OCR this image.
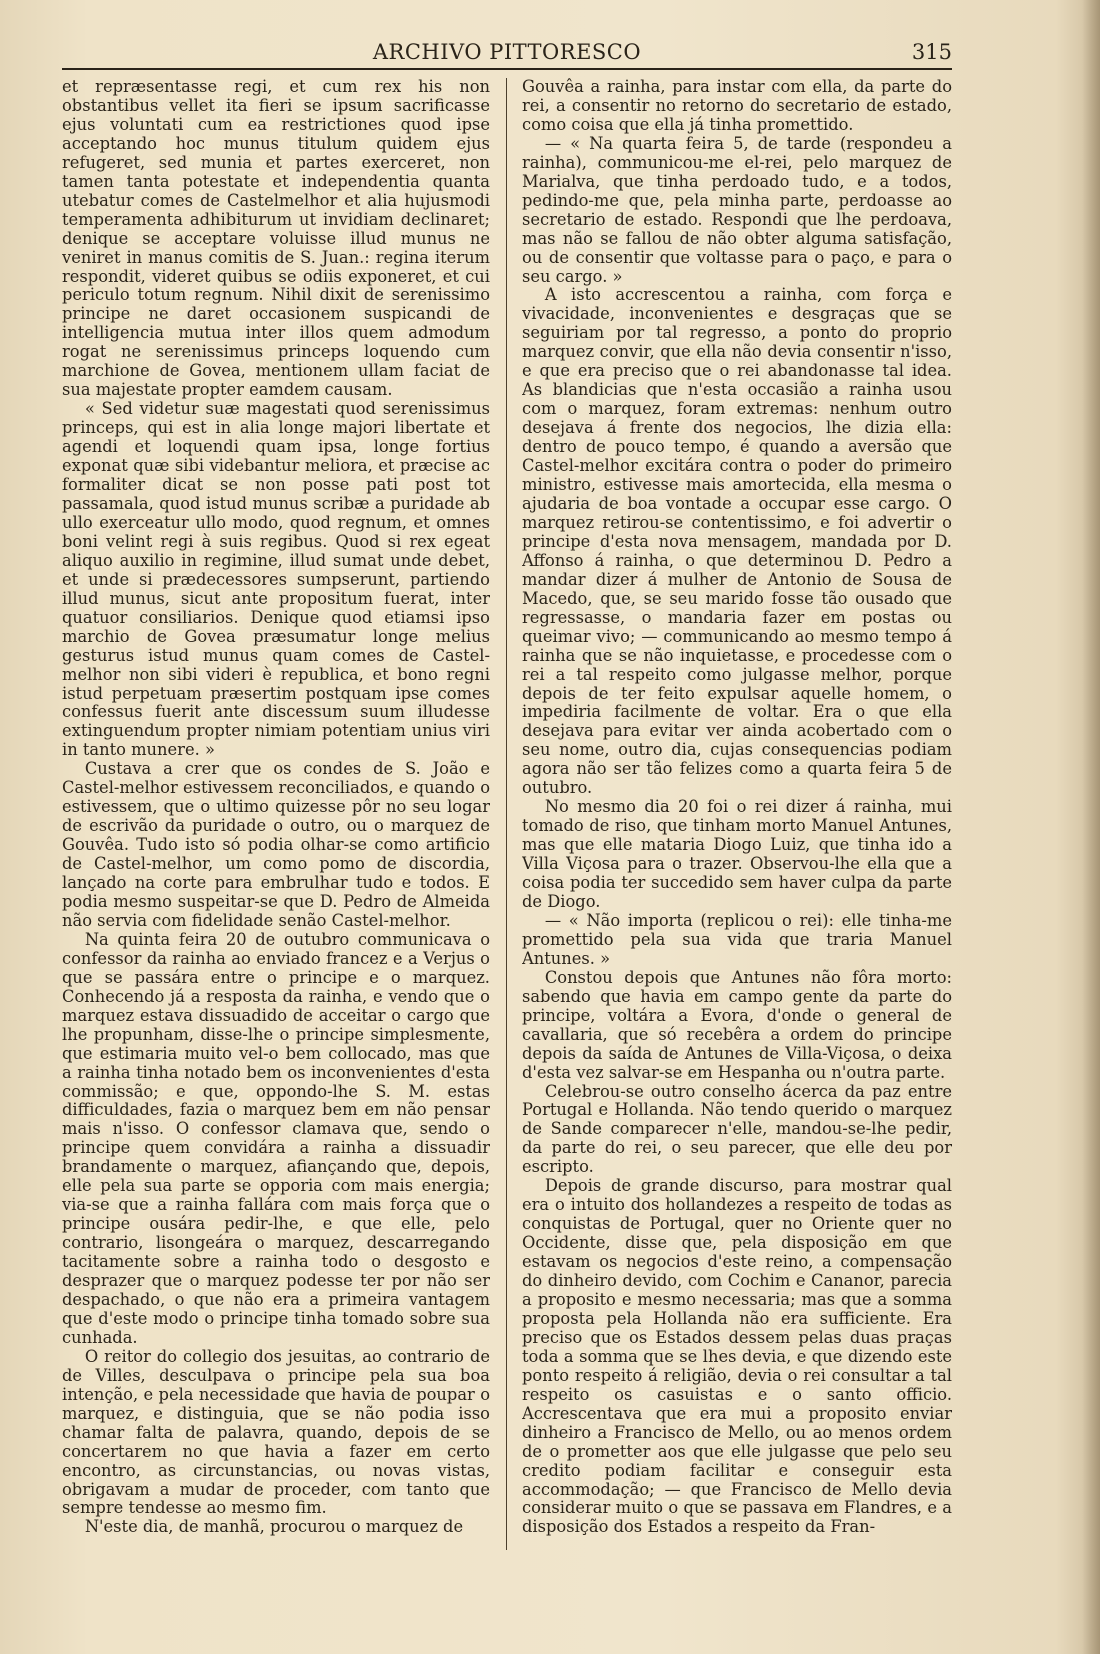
ARCHIVO PITTORESCO	315

et repræsentasse regi, et cum rex his non obstantibus vellet ita fieri se ipsum sacrificasse ejus voluntati cum ea restrictiones quod ipse acceptando hoc munus titulum quidem ejus refugeret, sed munia et partes exerceret, non tamen tanta potestate et independentia quanta utebatur comes de Castelmelhor et alia hujusmodi temperamenta adhibiturum ut invidiam declinaret; denique se acceptare voluisse illud munus ne veniret in manus comitis de S. Juan.: regina iterum respondit, videret quibus se odiis exponeret, et cui periculo totum regnum. Nihil dixit de serenissimo principe ne daret occasionem suspicandi de intelligencia mutua inter illos quem admodum rogat ne serenissimus princeps loquendo cum marchione de Govea, mentionem ullam faciat de sua majestate propter eamdem causam.

« Sed videtur suæ magestati quod serenissimus princeps, qui est in alia longe majori libertate et agendi et loquendi quam ipsa, longe fortius exponat quæ sibi videbantur meliora, et præcise ac formaliter dicat se non posse pati post tot passamala, quod istud munus scribæ a puridade ab ullo exerceatur ullo modo, quod regnum, et omnes boni velint regi à suis regibus. Quod si rex egeat aliquo auxilio in regimine, illud sumat unde debet, et unde si prædecessores sumpserunt, partiendo illud munus, sicut ante propositum fuerat, inter quatuor consiliarios. Denique quod etiamsi ipso marchio de Govea præsumatur longe melius gesturus istud munus quam comes de Castel-melhor non sibi videri è republica, et bono regni istud perpetuam præsertim postquam ipse comes confessus fuerit ante discessum suum illudesse extinguendum propter nimiam potentiam unius viri in tanto munere. »

Custava a crer que os condes de S. João e Castel-melhor estivessem reconciliados, e quando o estivessem, que o ultimo quizesse pôr no seu logar de escrivão da puridade o outro, ou o marquez de Gouvêa. Tudo isto só podia olhar-se como artificio de Castel-melhor, um como pomo de discordia, lançado na corte para embrulhar tudo e todos. E podia mesmo suspeitar-se que D. Pedro de Almeida não servia com fidelidade senão Castel-melhor.

Na quinta feira 20 de outubro communicava o confessor da rainha ao enviado francez e a Verjus o que se passára entre o principe e o marquez. Conhecendo já a resposta da rainha, e vendo que o marquez estava dissuadido de acceitar o cargo que lhe propunham, disse-lhe o principe simplesmente, que estimaria muito vel-o bem collocado, mas que a rainha tinha notado bem os inconvenientes d'esta commissão; e que, oppondo-lhe S. M. estas difficuldades, fazia o marquez bem em não pensar mais n'isso. O confessor clamava que, sendo o principe quem convidára a rainha a dissuadir brandamente o marquez, afiançando que, depois, elle pela sua parte se opporia com mais energia; via-se que a rainha fallára com mais força que o principe ousára pedir-lhe, e que elle, pelo contrario, lisongeára o marquez, descarregando tacitamente sobre a rainha todo o desgosto e desprazer que o marquez podesse ter por não ser despachado, o que não era a primeira vantagem que d'este modo o principe tinha tomado sobre sua cunhada.

O reitor do collegio dos jesuitas, ao contrario de de Villes, desculpava o principe pela sua boa intenção, e pela necessidade que havia de poupar o marquez, e distinguia, que se não podia isso chamar falta de palavra, quando, depois de se concertarem no que havia a fazer em certo encontro, as circunstancias, ou novas vistas, obrigavam a mudar de proceder, com tanto que sempre tendesse ao mesmo fim.

N'este dia, de manhã, procurou o marquez de

Gouvêa a rainha, para instar com ella, da parte do rei, a consentir no retorno do secretario de estado, como coisa que ella já tinha promettido.

— « Na quarta feira 5, de tarde (respondeu a rainha), communicou-me el-rei, pelo marquez de Marialva, que tinha perdoado tudo, e a todos, pedindo-me que, pela minha parte, perdoasse ao secretario de estado. Respondi que lhe perdoava, mas não se fallou de não obter alguma satisfação, ou de consentir que voltasse para o paço, e para o seu cargo. »

A isto accrescentou a rainha, com força e vivacidade, inconvenientes e desgraças que se seguiriam por tal regresso, a ponto do proprio marquez convir, que ella não devia consentir n'isso, e que era preciso que o rei abandonasse tal idea. As blandicias que n'esta occasião a rainha usou com o marquez, foram extremas: nenhum outro desejava á frente dos negocios, lhe dizia ella: dentro de pouco tempo, é quando a aversão que Castel-melhor excitára contra o poder do primeiro ministro, estivesse mais amortecida, ella mesma o ajudaria de boa vontade a occupar esse cargo. O marquez retirou-se contentissimo, e foi advertir o principe d'esta nova mensagem, mandada por D. Affonso á rainha, o que determinou D. Pedro a mandar dizer á mulher de Antonio de Sousa de Macedo, que, se seu marido fosse tão ousado que regressasse, o mandaria fazer em postas ou queimar vivo; — communicando ao mesmo tempo á rainha que se não inquietasse, e procedesse com o rei a tal respeito como julgasse melhor, porque depois de ter feito expulsar aquelle homem, o impediria facilmente de voltar. Era o que ella desejava para evitar ver ainda acobertado com o seu nome, outro dia, cujas consequencias podiam agora não ser tão felizes como a quarta feira 5 de outubro.

No mesmo dia 20 foi o rei dizer á rainha, mui tomado de riso, que tinham morto Manuel Antunes, mas que elle mataria Diogo Luiz, que tinha ido a Villa Viçosa para o trazer. Observou-lhe ella que a coisa podia ter succedido sem haver culpa da parte de Diogo.

— « Não importa (replicou o rei): elle tinha-me promettido pela sua vida que traria Manuel Antunes. »

Constou depois que Antunes não fôra morto: sabendo que havia em campo gente da parte do principe, voltára a Evora, d'onde o general de cavallaria, que só recebêra a ordem do principe depois da saída de Antunes de Villa-Viçosa, o deixa d'esta vez salvar-se em Hespanha ou n'outra parte.

Celebrou-se outro conselho ácerca da paz entre Portugal e Hollanda. Não tendo querido o marquez de Sande comparecer n'elle, mandou-se-lhe pedir, da parte do rei, o seu parecer, que elle deu por escripto.

Depois de grande discurso, para mostrar qual era o intuito dos hollandezes a respeito de todas as conquistas de Portugal, quer no Oriente quer no Occidente, disse que, pela disposição em que estavam os negocios d'este reino, a compensação do dinheiro devido, com Cochim e Cananor, parecia a proposito e mesmo necessaria; mas que a somma proposta pela Hollanda não era sufficiente. Era preciso que os Estados dessem pelas duas praças toda a somma que se lhes devia, e que dizendo este ponto respeito á religião, devia o rei consultar a tal respeito os casuistas e o santo officio. Accrescentava que era mui a proposito enviar dinheiro a Francisco de Mello, ou ao menos ordem de o prometter aos que elle julgasse que pelo seu credito podiam facilitar e conseguir esta accommodação; — que Francisco de Mello devia considerar muito o que se passava em Flandres, e a disposição dos Estados a respeito da Fran-
